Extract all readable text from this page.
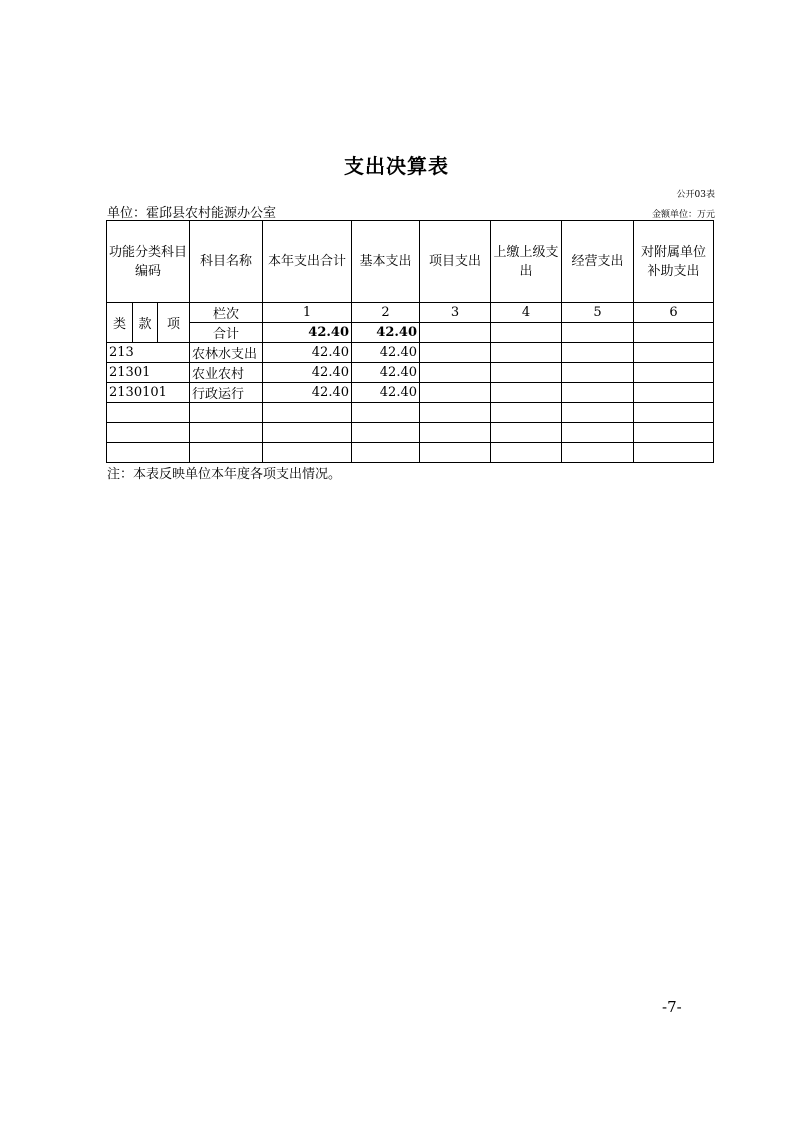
支出决算表
公开03表
单位：霍邱县农村能源办公室	金额单位：万元
功能分类科目编码			科目名称	本年支出合计	基本支出	项目支出	上缴上级支出	经营支出	对附属单位补助支出
类	款	项	栏次	1	2	3	4	5	6
			合计	42.40	42.40				
213			农林水支出	42.40	42.40				
21301			农业农村	42.40	42.40				
2130101			行政运行	42.40	42.40				

注：本表反映单位本年度各项支出情况。
-7-
